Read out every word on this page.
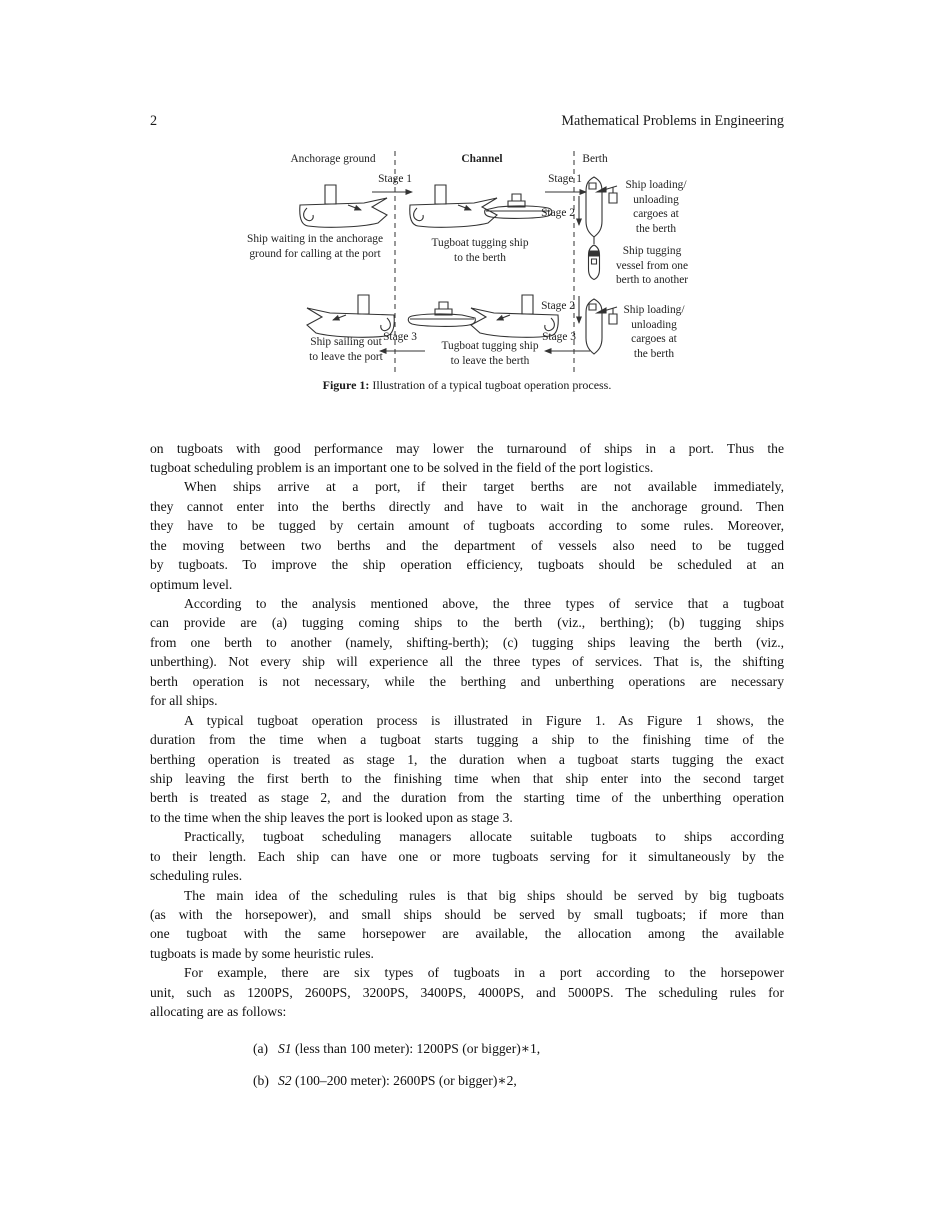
2	Mathematical Problems in Engineering
Anchorage ground	Channel	Berth
Stage 1	Stage 1
Stage 2
Stage 2
Stage 3	Stage 3
Ship waiting in the anchorage
ground for calling at the port
Tugboat tugging ship
to the berth
Ship loading/
unloading
cargoes at
the berth
Ship tugging
vessel from one
berth to another
Ship sailing out
to leave the port
Tugboat tugging ship
to leave the berth
Ship loading/
unloading
cargoes at
the berth
Figure 1: Illustration of a typical tugboat operation process.
on tugboats with good performance may lower the turnaround of ships in a port. Thus the
tugboat scheduling problem is an important one to be solved in the field of the port logistics.
When ships arrive at a port, if their target berths are not available immediately,
they cannot enter into the berths directly and have to wait in the anchorage ground. Then
they have to be tugged by certain amount of tugboats according to some rules. Moreover,
the moving between two berths and the department of vessels also need to be tugged
by tugboats. To improve the ship operation efficiency, tugboats should be scheduled at an
optimum level.
According to the analysis mentioned above, the three types of service that a tugboat
can provide are (a) tugging coming ships to the berth (viz., berthing); (b) tugging ships
from one berth to another (namely, shifting-berth); (c) tugging ships leaving the berth (viz.,
unberthing). Not every ship will experience all the three types of services. That is, the shifting
berth operation is not necessary, while the berthing and unberthing operations are necessary
for all ships.
A typical tugboat operation process is illustrated in Figure 1. As Figure 1 shows, the
duration from the time when a tugboat starts tugging a ship to the finishing time of the
berthing operation is treated as stage 1, the duration when a tugboat starts tugging the exact
ship leaving the first berth to the finishing time when that ship enter into the second target
berth is treated as stage 2, and the duration from the starting time of the unberthing operation
to the time when the ship leaves the port is looked upon as stage 3.
Practically, tugboat scheduling managers allocate suitable tugboats to ships according
to their length. Each ship can have one or more tugboats serving for it simultaneously by the
scheduling rules.
The main idea of the scheduling rules is that big ships should be served by big tugboats
(as with the horsepower), and small ships should be served by small tugboats; if more than
one tugboat with the same horsepower are available, the allocation among the available
tugboats is made by some heuristic rules.
For example, there are six types of tugboats in a port according to the horsepower
unit, such as 1200PS, 2600PS, 3200PS, 3400PS, 4000PS, and 5000PS. The scheduling rules for
allocating are as follows:
(a) S1 (less than 100 meter): 1200PS (or bigger)∗1,
(b) S2 (100–200 meter): 2600PS (or bigger)∗2,
